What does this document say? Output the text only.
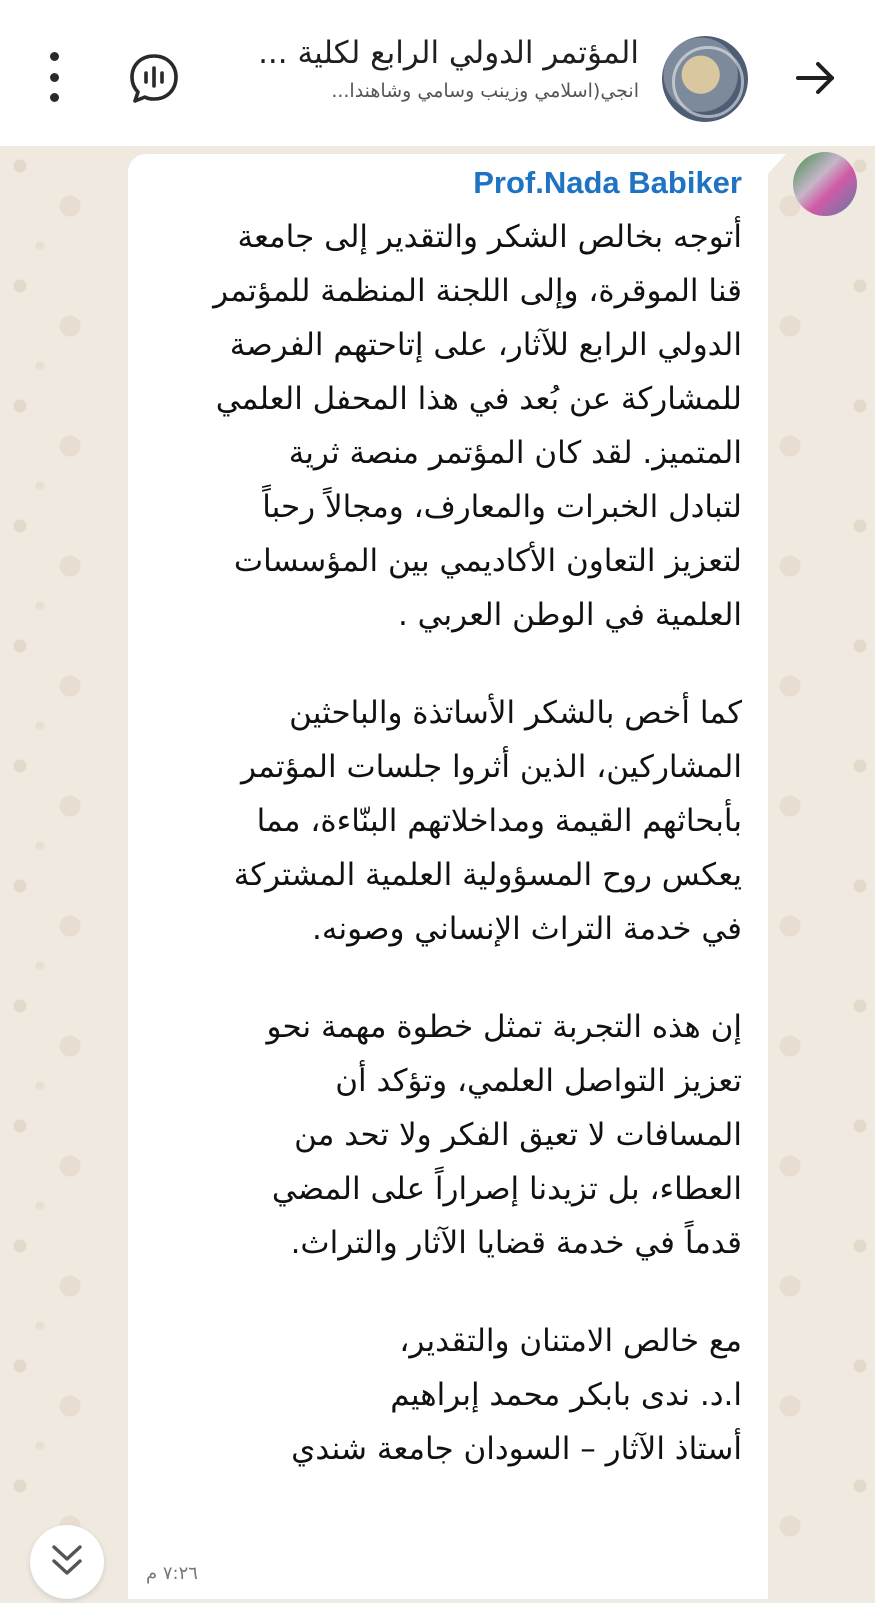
المؤتمر الدولي الرابع لكلية ...
انجي(اسلامي وزينب وسامي وشاهندا...
Prof.Nada Babiker
أتوجه بخالص الشكر والتقدير إلى جامعة
قنا الموقرة، وإلى اللجنة المنظمة للمؤتمر
الدولي الرابع للآثار، على إتاحتهم الفرصة
للمشاركة عن بُعد في هذا المحفل العلمي
المتميز. لقد كان المؤتمر منصة ثرية
لتبادل الخبرات والمعارف، ومجالاً رحباً
لتعزيز التعاون الأكاديمي بين المؤسسات
العلمية في الوطن العربي .
كما أخص بالشكر الأساتذة والباحثين
المشاركين، الذين أثروا جلسات المؤتمر
بأبحاثهم القيمة ومداخلاتهم البنّاءة، مما
يعكس روح المسؤولية العلمية المشتركة
في خدمة التراث الإنساني وصونه.
إن هذه التجربة تمثل خطوة مهمة نحو
تعزيز التواصل العلمي، وتؤكد أن
المسافات لا تعيق الفكر ولا تحد من
العطاء، بل تزيدنا إصراراً على المضي
قدماً في خدمة قضايا الآثار والتراث.
مع خالص الامتنان والتقدير،
ا.د. ندى بابكر محمد إبراهيم
أستاذ الآثار – السودان جامعة شندي
٧:٢٦ م
